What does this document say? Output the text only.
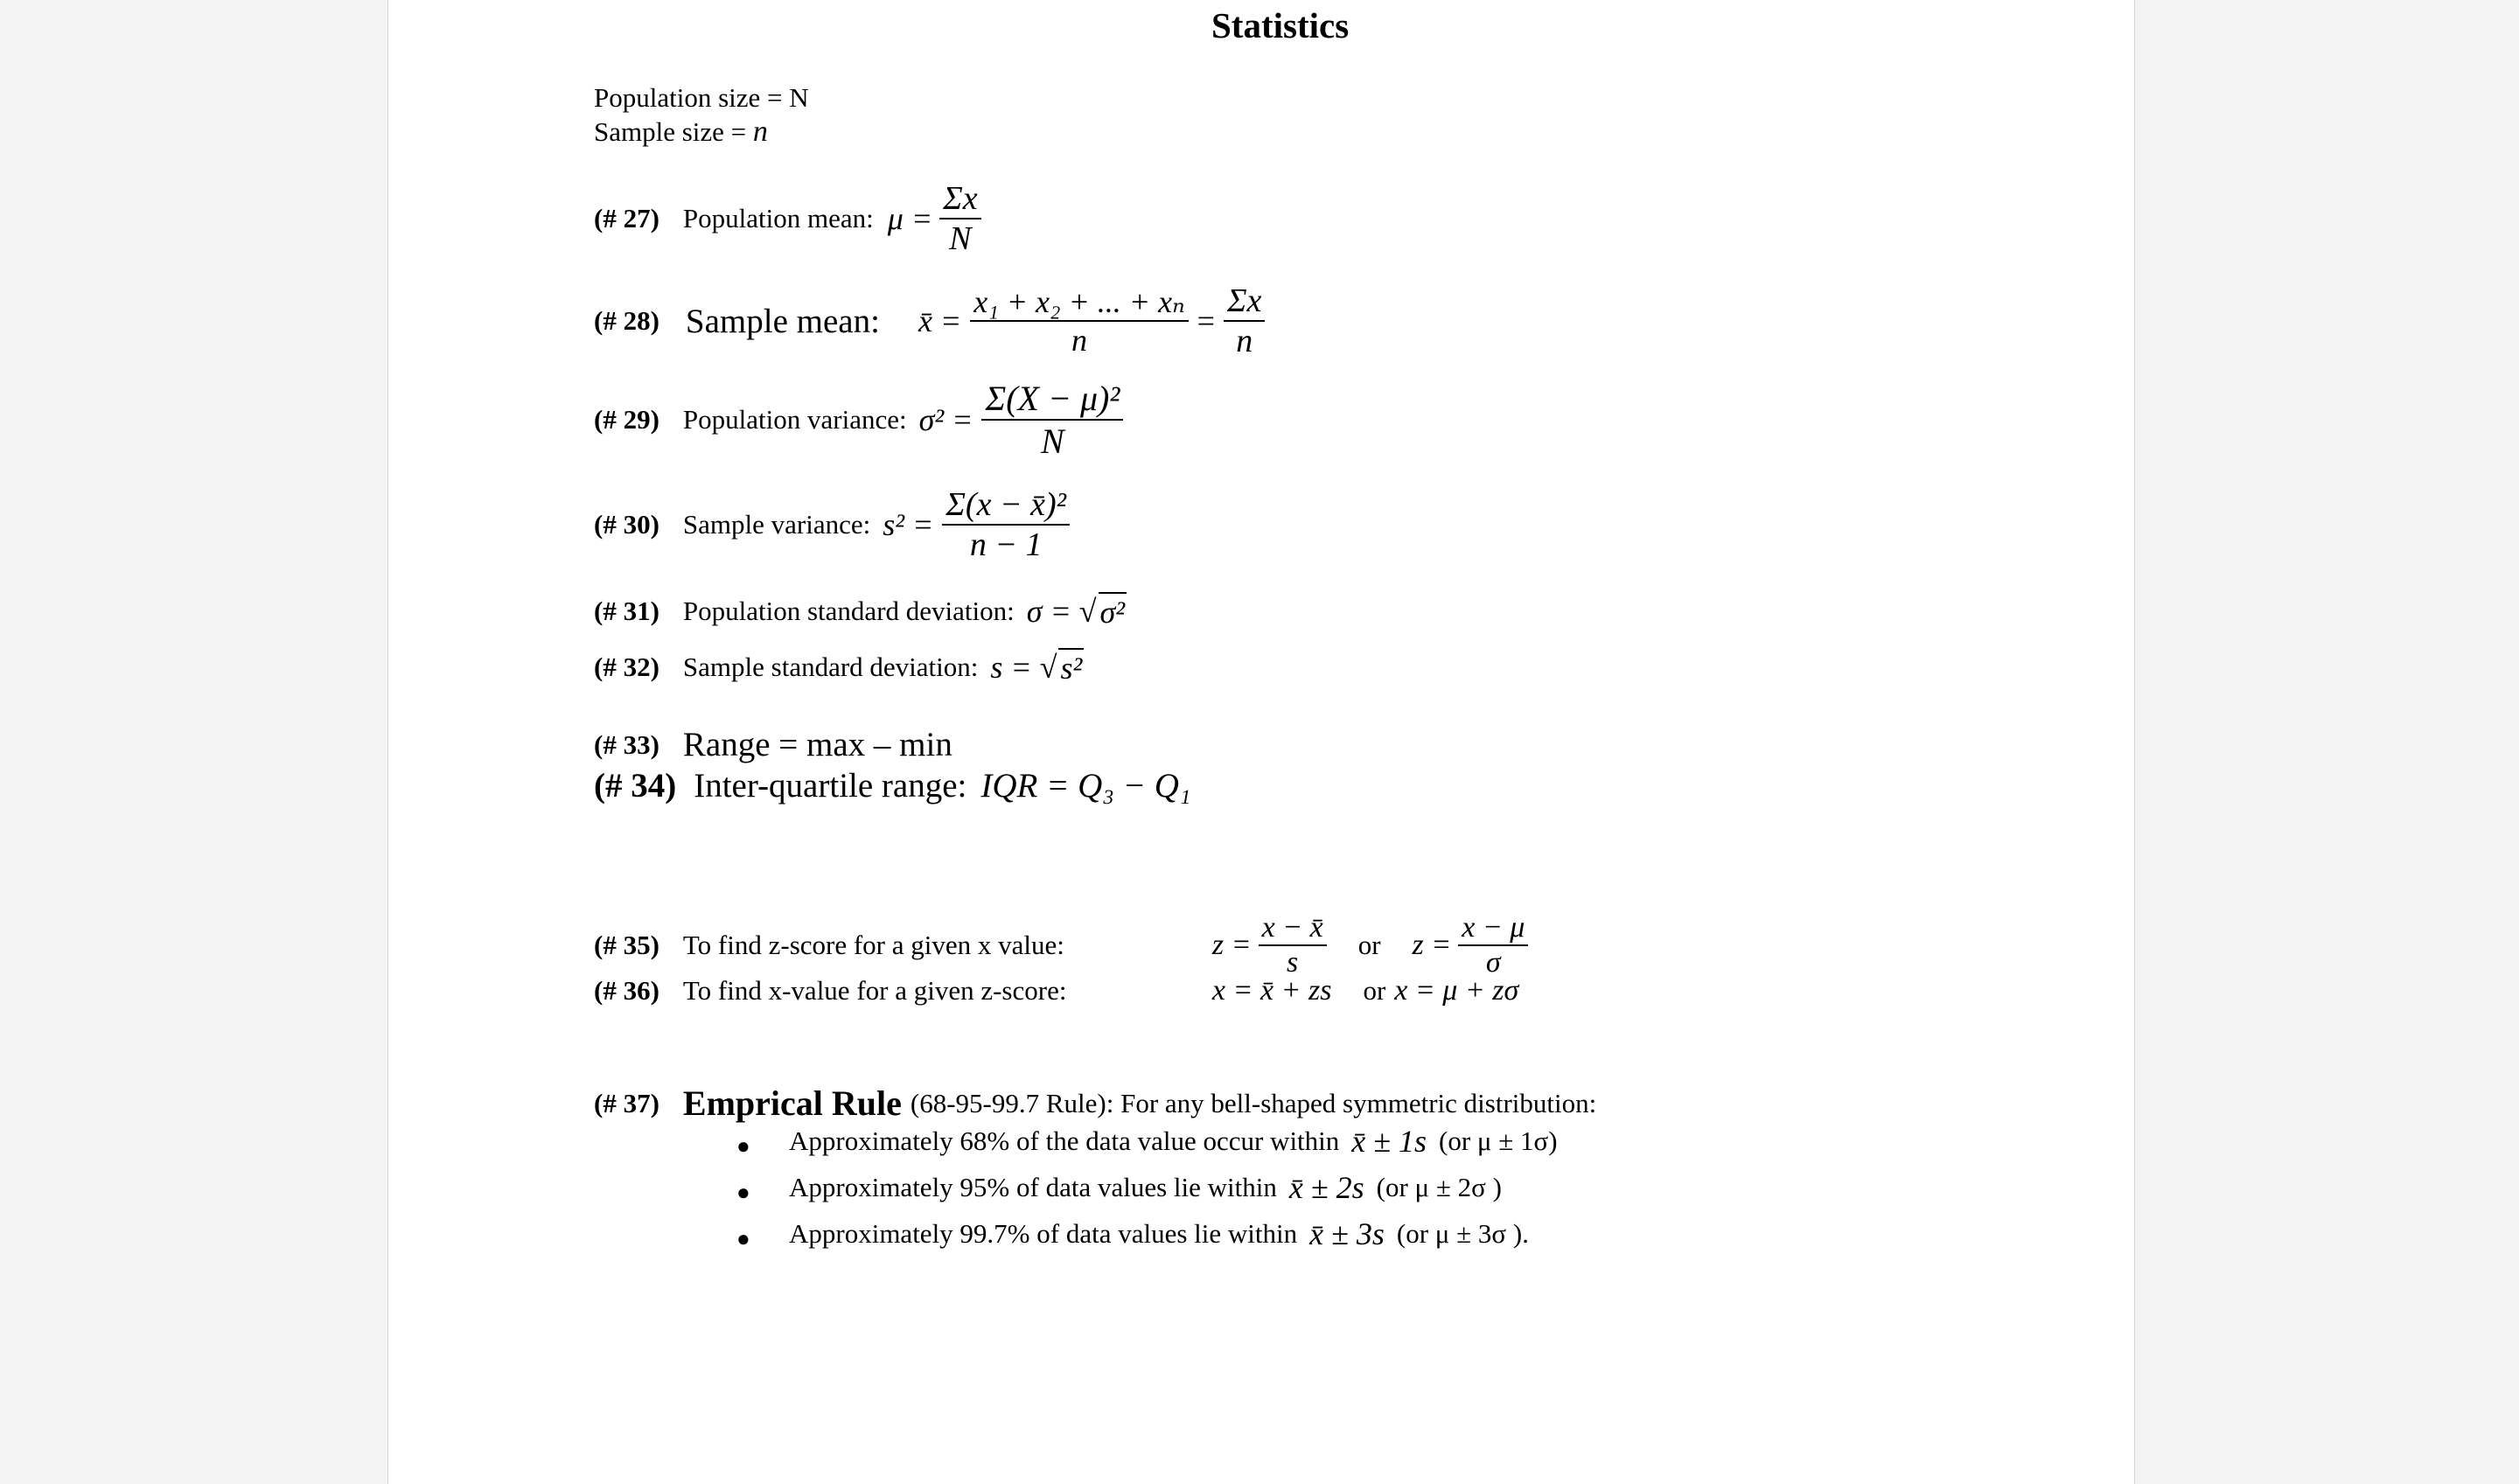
Statistics
Population size = N
Sample size = n
(# 27) Population mean: $\mu = \frac{\Sigma x}{N}$
(# 28) Sample mean: x̄ = $\frac{\text{x₁ + x₂ + ... + xₙ}}{n} = \frac{\Sigma x}{n}$
(# 29) Population variance: $\sigma^2 = \frac{\text{Σ(X − μ)²}}{N}$
(# 30) Sample variance: $s^2 = \frac{\text{Σ(x − x̄)²}}{n - 1}$
(# 31) Population standard deviation: σ = √ σ²
(# 32) Sample standard deviation: s = √ s²
(# 33) Range = max – min
(# 34) Inter-quartile range: IQR = Q₃ − Q₁
(# 35) To find z-score for a given x value:	$z = \frac{x - x̄}{s}$ or $z = \frac{x - \mu}{\sigma}$
(# 36) To find x-value for a given z-score:	x = x̄ + zs or x = μ + zσ
(# 37) Emprical Rule (68-95-99.7 Rule): For any bell-shaped symmetric distribution:
● Approximately 68% of the data value occur within x̄ ± 1s (or μ ± 1σ)
● Approximately 95% of data values lie within x̄ ± 2s (or μ ± 2σ )
● Approximately 99.7% of data values lie within x̄ ± 3s (or μ ± 3σ ).
